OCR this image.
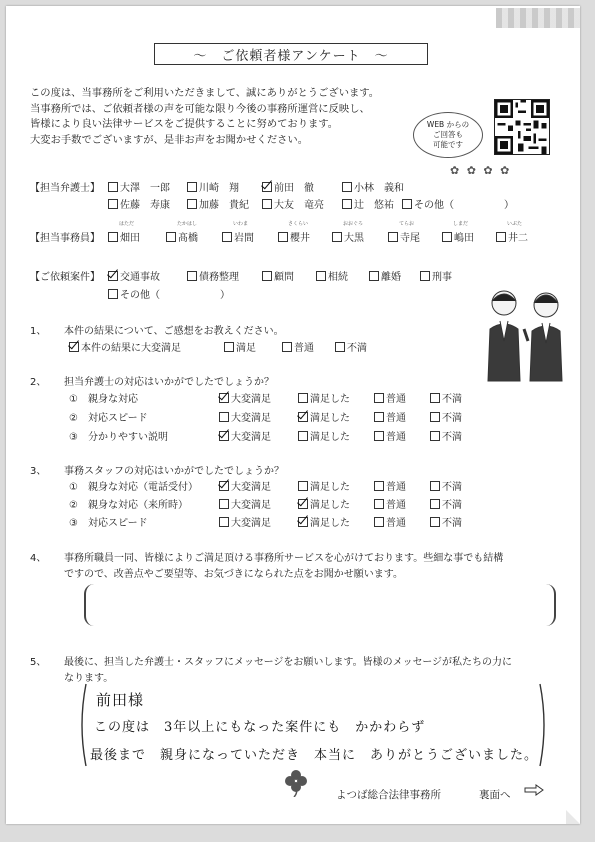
～　ご依頼者様アンケート　～
この度は、当事務所をご利用いただきまして、誠にありがとうございます。
当事務所では、ご依頼者様の声を可能な限り今後の事務所運営に反映し、
皆様により良い法律サービスをご提供することに努めております。
大変お手数でございますが、是非お声をお聞かせください。
WEB からの
ご回答も
可能です
✿ ✿ ✿ ✿
【担当弁護士】 大澤　一郎	川崎　翔	前田　徹	小林　義和
佐藤　寿康	加藤　貴紀	大友　竜亮	辻　悠祐 その他（　　　　　）
【担当事務員】 畑田	髙橋	岩間	櫻井	大黒	寺尾	嶋田	井二
はただ	たかはし	いわま	さくらい	おおぐろ	てらお	しまだ	いぶた
【ご依頼案件】 交通事故	債務整理	顧問	相続	離婚	刑事
その他（　　　　　　）
1、 本件の結果について、ご感想をお教えください。
本件の結果に大変満足	満足	普通	不満
2、 担当弁護士の対応はいかがでしたでしょうか？
①　親身な対応	大変満足	満足した	普通	不満
②　対応スピード	大変満足	満足した	普通	不満
③　分かりやすい説明	大変満足	満足した	普通	不満
3、 事務スタッフの対応はいかがでしたでしょうか？
①　親身な対応（電話受付）	大変満足	満足した	普通	不満
②　親身な対応（来所時）	大変満足	満足した	普通	不満
③　対応スピード	大変満足	満足した	普通	不満
4、 事務所職員一同、皆様によりご満足頂ける事務所サービスを心がけております。些細な事でも結構
ですので、改善点やご要望等、お気づきになられた点をお聞かせ願います。
5、 最後に、担当した弁護士・スタッフにメッセージをお願いします。皆様のメッセージが私たちの力に
なります。
前田様
この度は　3年以上にもなった案件にも　かかわらず
最後まで　親身になっていただき　本当に　ありがとうございました。
よつば総合法律事務所	裏面へ
